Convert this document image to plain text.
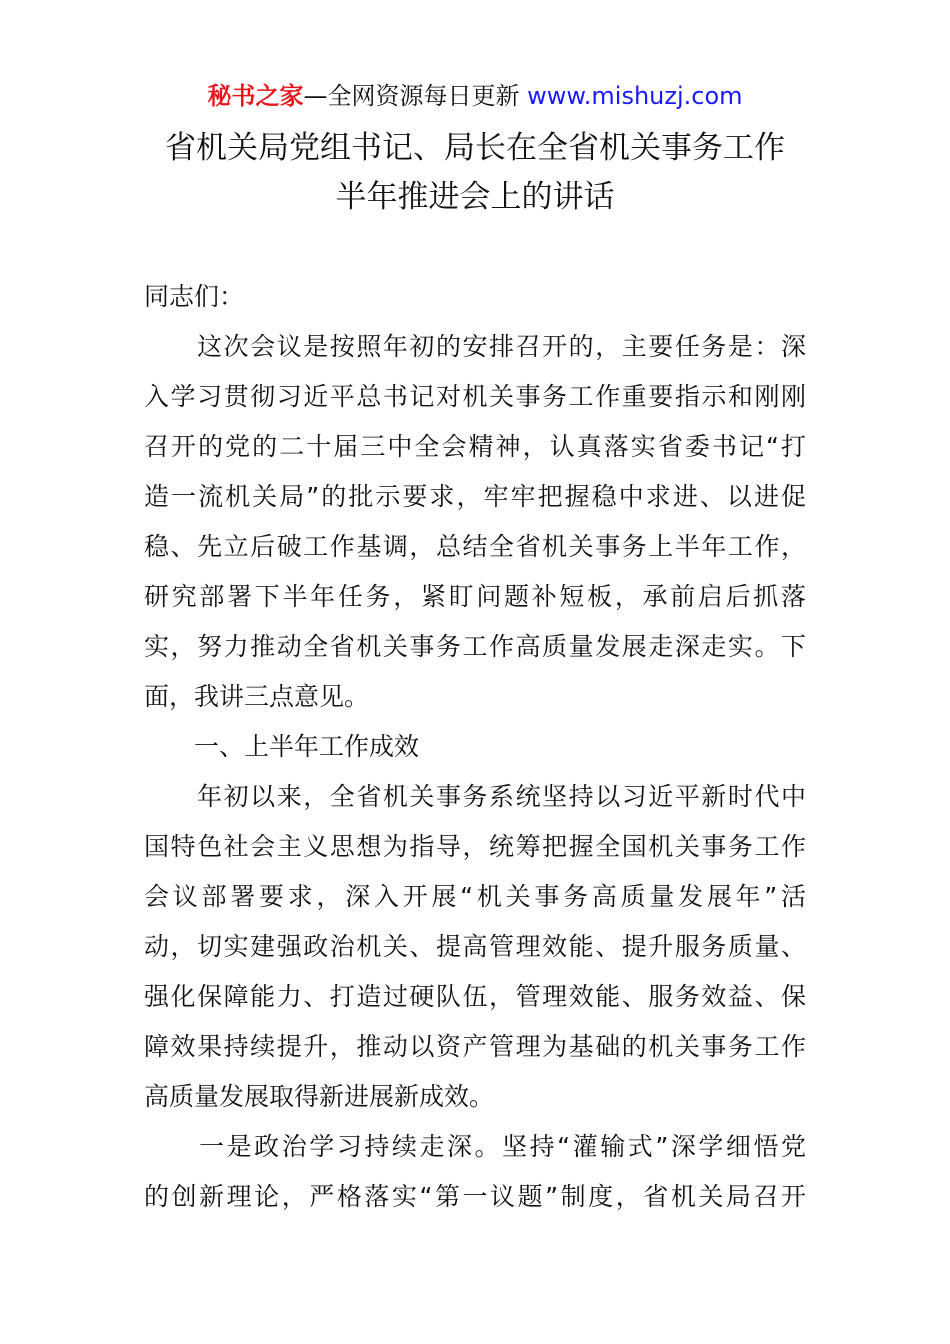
秘书之家—全网资源每日更新 www.mishuzj.com
省机关局党组书记、局长在全省机关事务工作
半年推进会上的讲话
同志们：
　　这次会议是按照年初的安排召开的，主要任务是：深
入学习贯彻习近平总书记对机关事务工作重要指示和刚刚
召开的党的二十届三中全会精神，认真落实省委书记“打
造一流机关局”的批示要求，牢牢把握稳中求进、以进促
稳、先立后破工作基调，总结全省机关事务上半年工作，
研究部署下半年任务，紧盯问题补短板，承前启后抓落
实，努力推动全省机关事务工作高质量发展走深走实。下
面，我讲三点意见。
　　一、上半年工作成效
　　年初以来，全省机关事务系统坚持以习近平新时代中
国特色社会主义思想为指导，统筹把握全国机关事务工作
会议部署要求，深入开展“机关事务高质量发展年”活
动，切实建强政治机关、提高管理效能、提升服务质量、
强化保障能力、打造过硬队伍，管理效能、服务效益、保
障效果持续提升，推动以资产管理为基础的机关事务工作
高质量发展取得新进展新成效。
　　一是政治学习持续走深。坚持“灌输式”深学细悟党
的创新理论，严格落实“第一议题”制度，省机关局召开
